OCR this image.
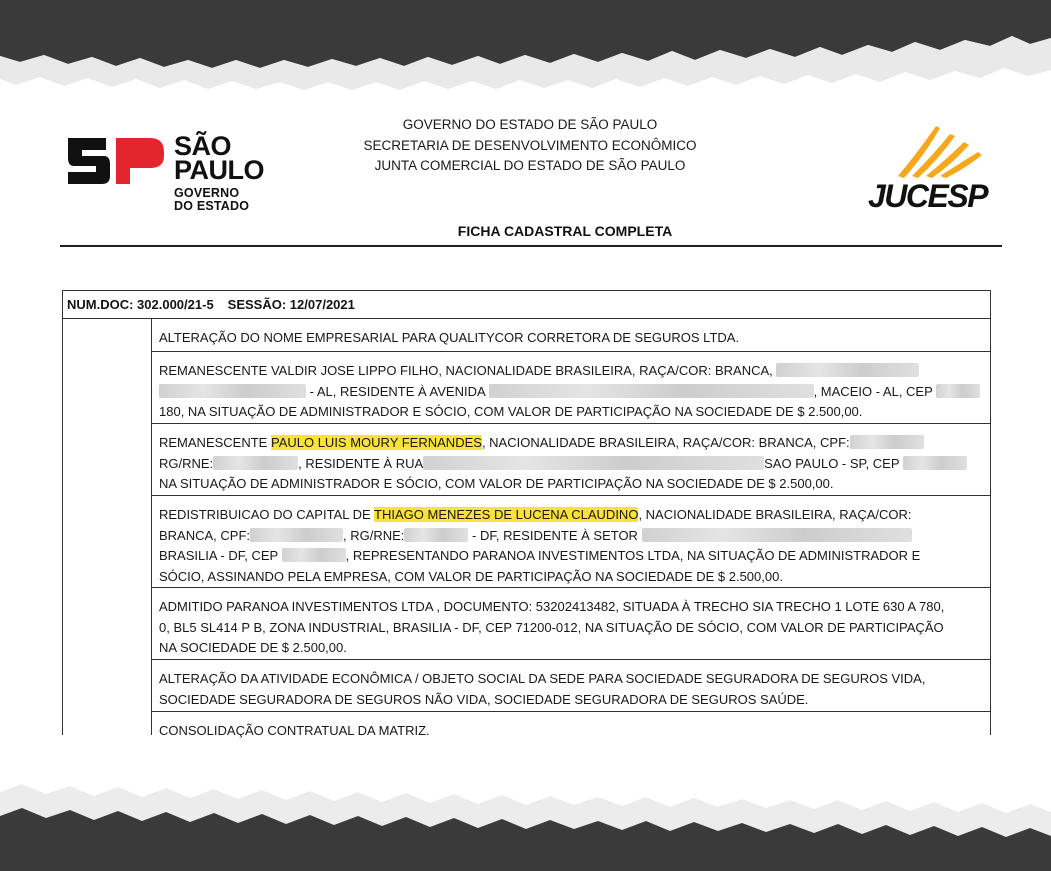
SÃO
PAULO
GOVERNO
DO ESTADO
GOVERNO DO ESTADO DE SÃO PAULO
SECRETARIA DE DESENVOLVIMENTO ECONÔMICO
JUNTA COMERCIAL DO ESTADO DE SÃO PAULO
JUCESP
FICHA CADASTRAL COMPLETA
NUM.DOC: 302.000/21-5 SESSÃO: 12/07/2021
ALTERAÇÃO DO NOME EMPRESARIAL PARA QUALITYCOR CORRETORA DE SEGUROS LTDA.
REMANESCENTE VALDIR JOSE LIPPO FILHO, NACIONALIDADE BRASILEIRA, RAÇA/COR: BRANCA,
- AL, RESIDENTE À AVENIDA	, MACEIO - AL, CEP
180, NA SITUAÇÃO DE ADMINISTRADOR E SÓCIO, COM VALOR DE PARTICIPAÇÃO NA SOCIEDADE DE $ 2.500,00.
REMANESCENTE PAULO LUIS MOURY FERNANDES, NACIONALIDADE BRASILEIRA, RAÇA/COR: BRANCA, CPF:
RG/RNE:	, RESIDENTE À RUA	SAO PAULO - SP, CEP
NA SITUAÇÃO DE ADMINISTRADOR E SÓCIO, COM VALOR DE PARTICIPAÇÃO NA SOCIEDADE DE $ 2.500,00.
REDISTRIBUICAO DO CAPITAL DE THIAGO MENEZES DE LUCENA CLAUDINO, NACIONALIDADE BRASILEIRA, RAÇA/COR:
BRANCA, CPF:	, RG/RNE:	- DF, RESIDENTE À SETOR
BRASILIA - DF, CEP	, REPRESENTANDO PARANOA INVESTIMENTOS LTDA, NA SITUAÇÃO DE ADMINISTRADOR E
SÓCIO, ASSINANDO PELA EMPRESA, COM VALOR DE PARTICIPAÇÃO NA SOCIEDADE DE $ 2.500,00.
ADMITIDO PARANOA INVESTIMENTOS LTDA , DOCUMENTO: 53202413482, SITUADA À TRECHO SIA TRECHO 1 LOTE 630 A 780,
0, BL5 SL414 P B, ZONA INDUSTRIAL, BRASILIA - DF, CEP 71200-012, NA SITUAÇÃO DE SÓCIO, COM VALOR DE PARTICIPAÇÃO
NA SOCIEDADE DE $ 2.500,00.
ALTERAÇÃO DA ATIVIDADE ECONÔMICA / OBJETO SOCIAL DA SEDE PARA SOCIEDADE SEGURADORA DE SEGUROS VIDA,
SOCIEDADE SEGURADORA DE SEGUROS NÃO VIDA, SOCIEDADE SEGURADORA DE SEGUROS SAÚDE.
CONSOLIDAÇÃO CONTRATUAL DA MATRIZ.
